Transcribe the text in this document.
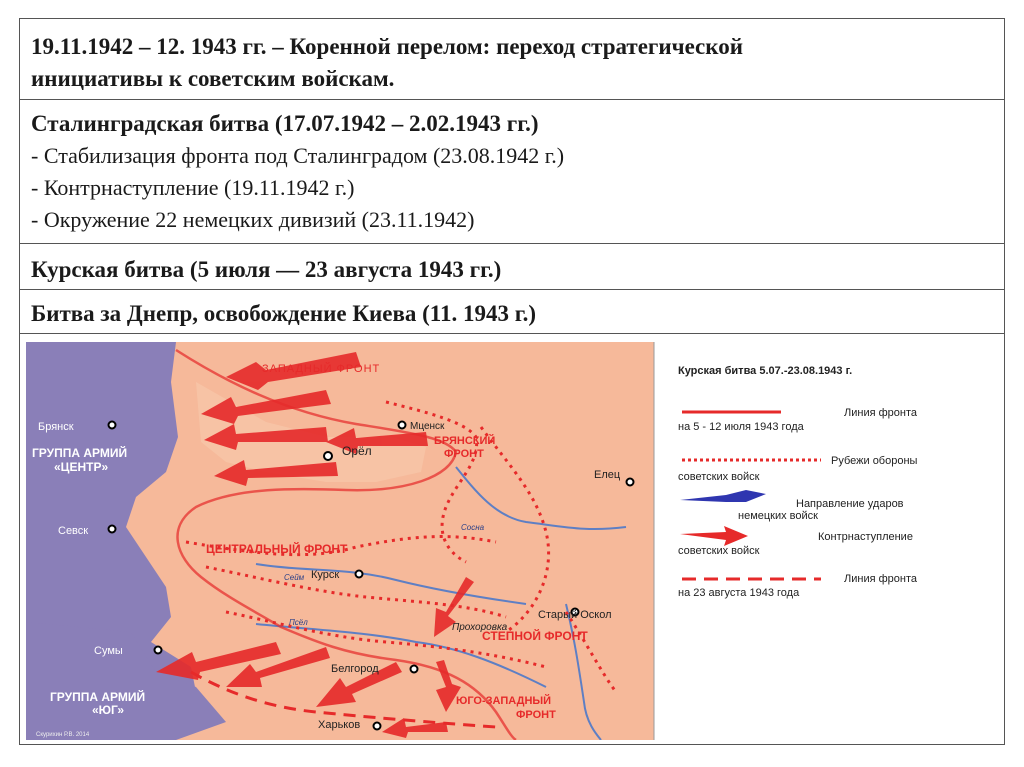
19.11.1942 – 12. 1943 гг. – Коренной перелом: переход стратегической
инициативы к советским войскам.
Сталинградская битва (17.07.1942 – 2.02.1943 гг.)
- Стабилизация фронта под Сталинградом (23.08.1942 г.)
- Контрнаступление (19.11.1942 г.)
- Окружение 22 немецких дивизий (23.11.1942)
Курская битва (5 июля — 23 августа 1943 гг.)
Битва за Днепр, освобождение Киева (11. 1943 г.)
Брянск	Мценск
Орёл
Елец
Севск
Курск
Старый Оскол
Сумы
Белгород
Харьков
Прохоровка
Сосна
Сейм
Псёл
ЗАПАДНЫЙ ФРОНТ
БРЯНСКИЙ
ФРОНТ
ЦЕНТРАЛЬНЫЙ ФРОНТ
СТЕПНОЙ ФРОНТ
ЮГО-ЗАПАДНЫЙ
ФРОНТ
ГРУППА АРМИЙ
«ЦЕНТР»
ГРУППА АРМИЙ
«ЮГ»
Скурихин Р.В. 2014
Курская битва 5.07.-23.08.1943 г.
Линия фронта
на 5 - 12 июля 1943 года
Рубежи обороны
советских войск
Направление ударов
немецких войск
Контрнаступление
советских войск
Линия фронта
на 23 августа 1943 года
